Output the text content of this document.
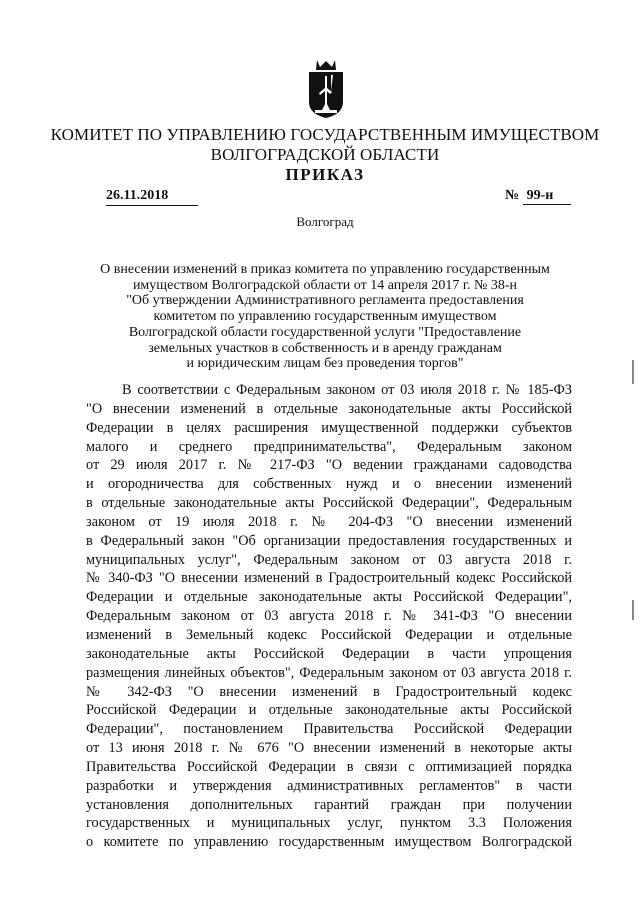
КОМИТЕТ ПО УПРАВЛЕНИЮ ГОСУДАРСТВЕННЫМ ИМУЩЕСТВОМ
ВОЛГОГРАДСКОЙ ОБЛАСТИ
ПРИКАЗ
26.11.2018	№ 99-н
Волгоград
О внесении изменений в приказ комитета по управлению государственным
имуществом Волгоградской области от 14 апреля 2017 г. № 38-н
"Об утверждении Административного регламента предоставления
комитетом по управлению государственным имуществом
Волгоградской области государственной услуги "Предоставление
земельных участков в собственность и в аренду гражданам
и юридическим лицам без проведения торгов"
В соответствии с Федеральным законом от 03 июля 2018 г. № 185-ФЗ
"О внесении изменений в отдельные законодательные акты Российской
Федерации в целях расширения имущественной поддержки субъектов
малого и среднего предпринимательства", Федеральным законом
от 29 июля 2017 г. № 217-ФЗ "О ведении гражданами садоводства
и огородничества для собственных нужд и о внесении изменений
в отдельные законодательные акты Российской Федерации", Федеральным
законом от 19 июля 2018 г. № 204-ФЗ "О внесении изменений
в Федеральный закон "Об организации предоставления государственных и
муниципальных услуг", Федеральным законом от 03 августа 2018 г.
№ 340-ФЗ "О внесении изменений в Градостроительный кодекс Российской
Федерации и отдельные законодательные акты Российской Федерации",
Федеральным законом от 03 августа 2018 г. № 341-ФЗ "О внесении
изменений в Земельный кодекс Российской Федерации и отдельные
законодательные акты Российской Федерации в части упрощения
размещения линейных объектов", Федеральным законом от 03 августа 2018 г.
№ 342-ФЗ "О внесении изменений в Градостроительный кодекс
Российской Федерации и отдельные законодательные акты Российской
Федерации", постановлением Правительства Российской Федерации
от 13 июня 2018 г. № 676 "О внесении изменений в некоторые акты
Правительства Российской Федерации в связи с оптимизацией порядка
разработки и утверждения административных регламентов" в части
установления дополнительных гарантий граждан при получении
государственных и муниципальных услуг, пунктом 3.3 Положения
о комитете по управлению государственным имуществом Волгоградской
